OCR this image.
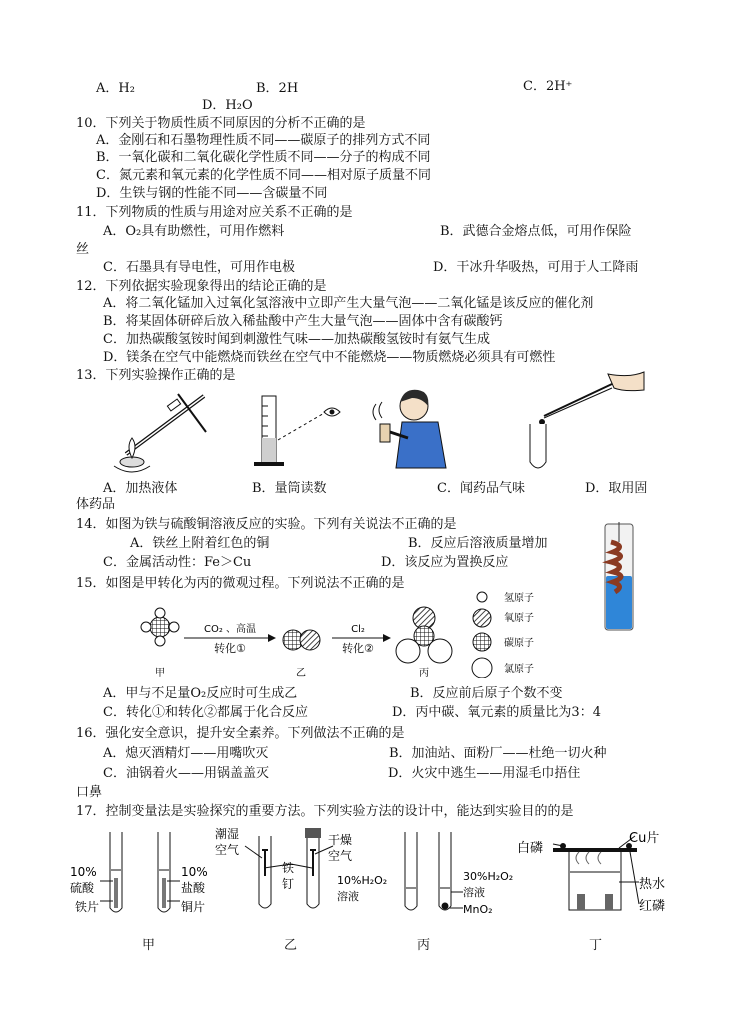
A．H₂	B．2H	C．2H⁺
D．H₂O
10．下列关于物质性质不同原因的分析不正确的是
A．金刚石和石墨物理性质不同——碳原子的排列方式不同
B．一氧化碳和二氧化碳化学性质不同——分子的构成不同
C．氮元素和氧元素的化学性质不同——相对原子质量不同
D．生铁与钢的性能不同——含碳量不同
11．下列物质的性质与用途对应关系不正确的是
A．O₂具有助燃性，可用作燃料	B．武德合金熔点低，可用作保险
丝
C．石墨具有导电性，可用作电极	D．干冰升华吸热，可用于人工降雨
12．下列依据实验现象得出的结论正确的是
A．将二氧化锰加入过氧化氢溶液中立即产生大量气泡——二氧化锰是该反应的催化剂
B．将某固体研碎后放入稀盐酸中产生大量气泡——固体中含有碳酸钙
C．加热碳酸氢铵时闻到刺激性气味——加热碳酸氢铵时有氨气生成
D．镁条在空气中能燃烧而铁丝在空气中不能燃烧——物质燃烧必须具有可燃性
13．下列实验操作正确的是
A．加热液体	B．量筒读数	C．闻药品气味	D．取用固
体药品
14．如图为铁与硫酸铜溶液反应的实验。下列有关说法不正确的是
A．铁丝上附着红色的铜	B．反应后溶液质量增加
C．金属活动性：Fe＞Cu	D．该反应为置换反应
15．如图是甲转化为丙的微观过程。下列说法不正确的是
CO₂ 、高温
转化①
Cl₂
转化②
甲	乙	丙
氢原子
氧原子
碳原子
氯原子
A．甲与不足量O₂反应时可生成乙	B．反应前后原子个数不变
C．转化①和转化②都属于化合反应	D．丙中碳、氧元素的质量比为3：4
16．强化安全意识，提升安全素养。下列做法不正确的是
A．熄灭酒精灯——用嘴吹灭	B．加油站、面粉厂——杜绝一切火种
C．油锅着火——用锅盖盖灭	D．火灾中逃生——用湿毛巾捂住
口鼻
17．控制变量法是实验探究的重要方法。下列实验方法的设计中，能达到实验目的的是
10%
硫酸
铁片
10%
盐酸
铜片
潮湿
空气
铁
钉
干燥
空气
10%H₂O₂
溶液
30%H₂O₂
溶液
MnO₂
白磷
Cu片
热水
红磷
甲	乙	丙	丁
